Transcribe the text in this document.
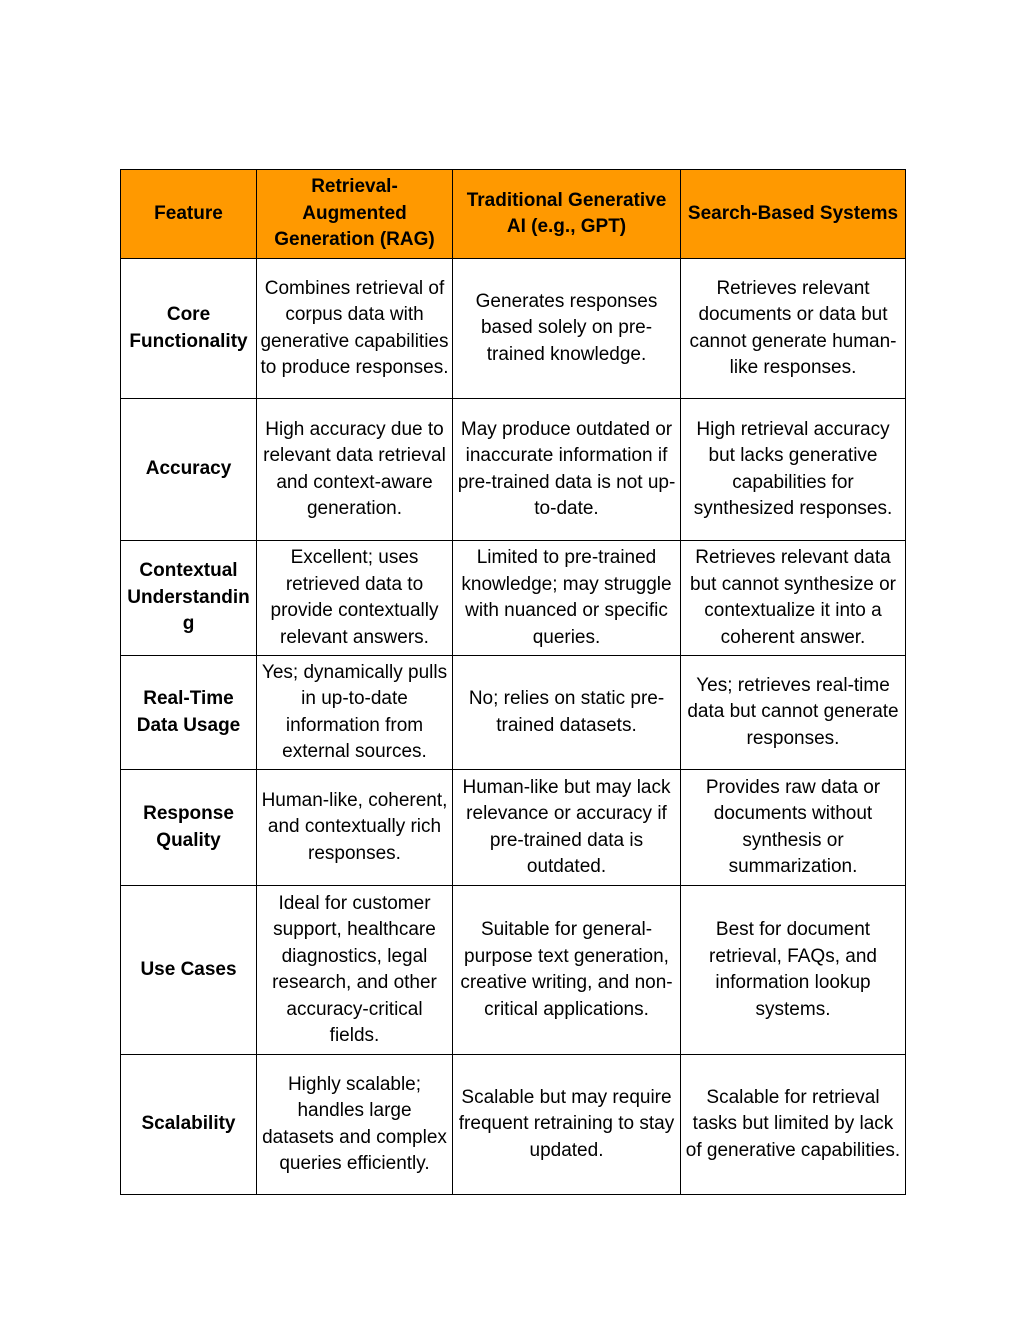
Feature	Retrieval-Augmented Generation (RAG)	Traditional Generative AI (e.g., GPT)	Search-Based Systems
Core Functionality	Combines retrieval of corpus data with generative capabilities to produce responses.	Generates responses based solely on pre-trained knowledge.	Retrieves relevant documents or data but cannot generate human-like responses.
Accuracy	High accuracy due to relevant data retrieval and context-aware generation.	May produce outdated or inaccurate information if pre-trained data is not up-to-date.	High retrieval accuracy but lacks generative capabilities for synthesized responses.
Contextual Understanding	Excellent; uses retrieved data to provide contextually relevant answers.	Limited to pre-trained knowledge; may struggle with nuanced or specific queries.	Retrieves relevant data but cannot synthesize or contextualize it into a coherent answer.
Real-Time Data Usage	Yes; dynamically pulls in up-to-date information from external sources.	No; relies on static pre-trained datasets.	Yes; retrieves real-time data but cannot generate responses.
Response Quality	Human-like, coherent, and contextually rich responses.	Human-like but may lack relevance or accuracy if pre-trained data is outdated.	Provides raw data or documents without synthesis or summarization.
Use Cases	Ideal for customer support, healthcare diagnostics, legal research, and other accuracy-critical fields.	Suitable for general-purpose text generation, creative writing, and non-critical applications.	Best for document retrieval, FAQs, and information lookup systems.
Scalability	Highly scalable; handles large datasets and complex queries efficiently.	Scalable but may require frequent retraining to stay updated.	Scalable for retrieval tasks but limited by lack of generative capabilities.
